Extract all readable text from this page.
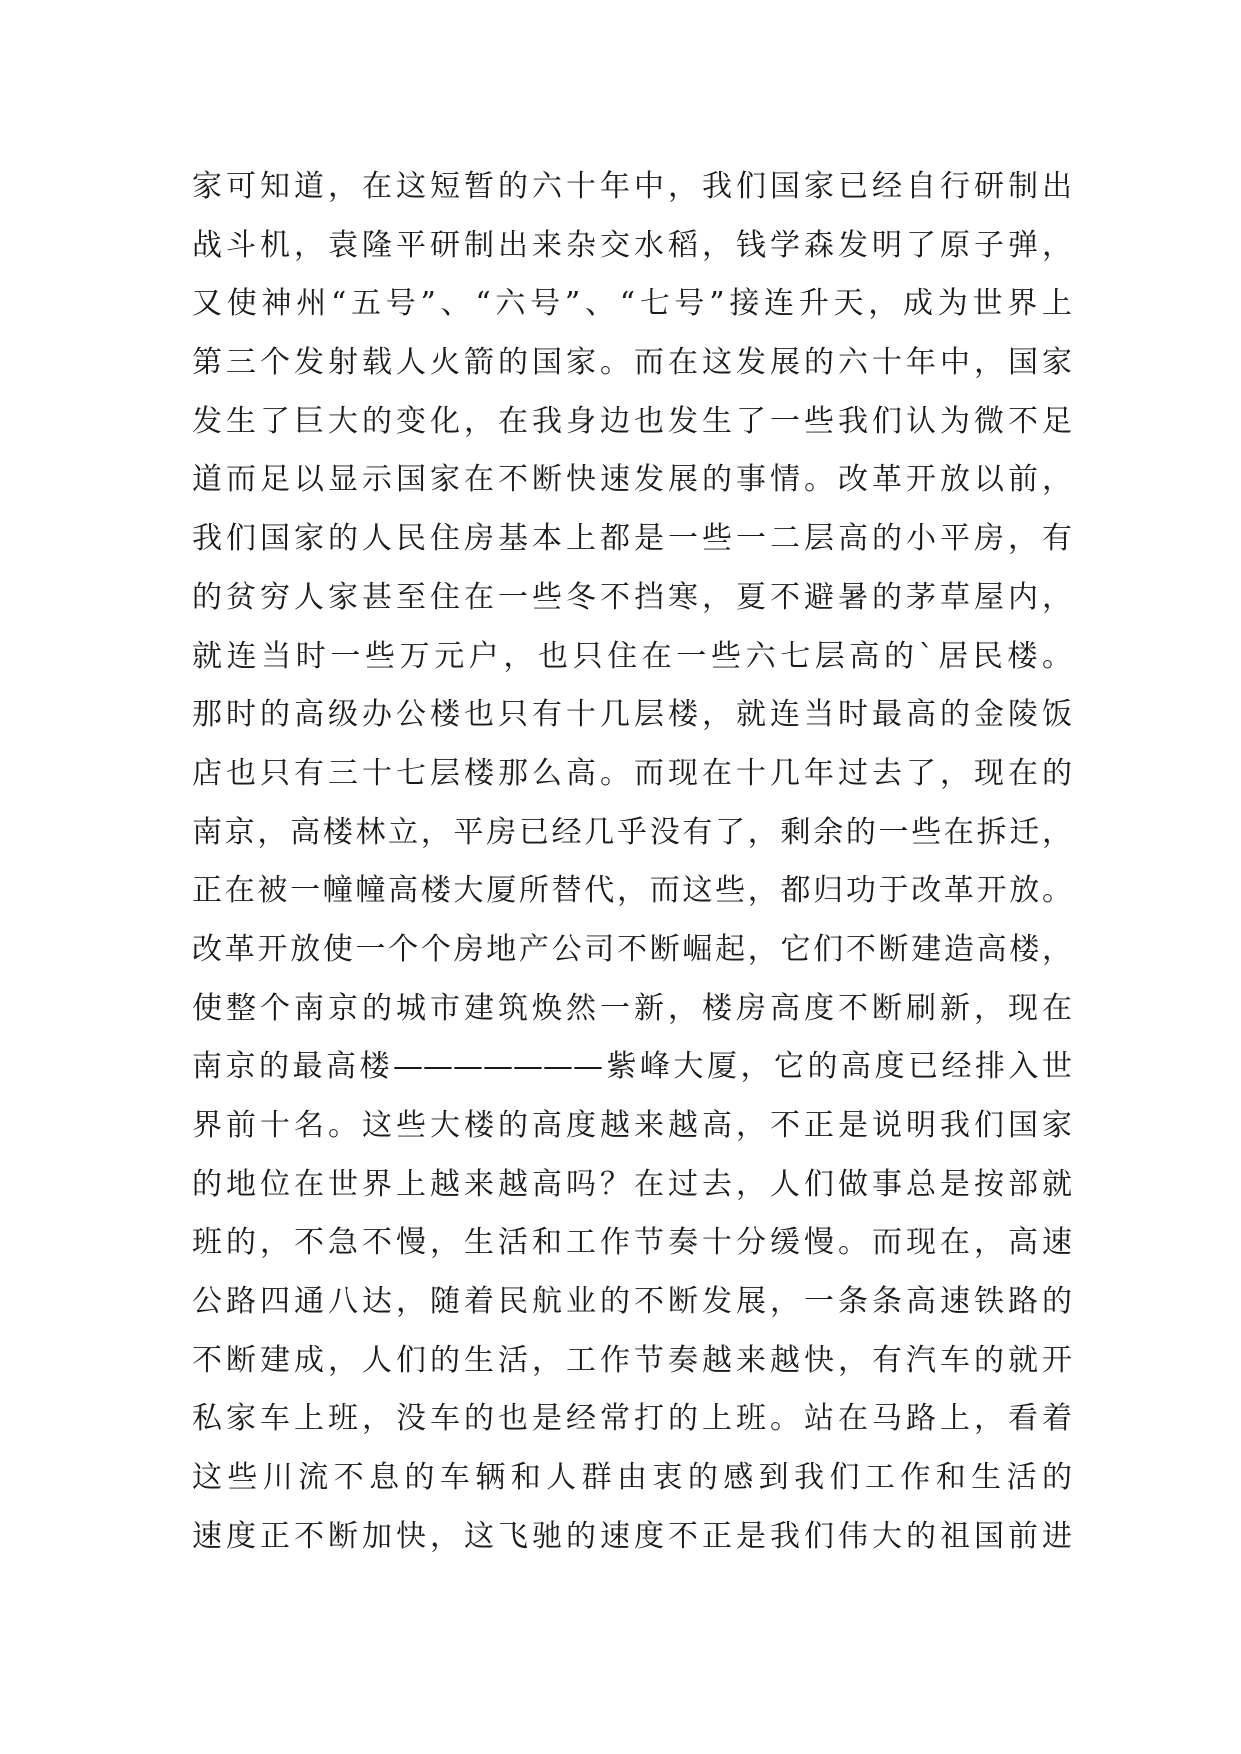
家可知道，在这短暂的六十年中，我们国家已经自行研制出
战斗机，袁隆平研制出来杂交水稻，钱学森发明了原子弹，
又使神州“五号”、“六号”、“七号”接连升天，成为世界上
第三个发射载人火箭的国家。而在这发展的六十年中，国家
发生了巨大的变化，在我身边也发生了一些我们认为微不足
道而足以显示国家在不断快速发展的事情。改革开放以前，
我们国家的人民住房基本上都是一些一二层高的小平房，有
的贫穷人家甚至住在一些冬不挡寒，夏不避暑的茅草屋内，
就连当时一些万元户，也只住在一些六七层高的`居民楼。
那时的高级办公楼也只有十几层楼，就连当时最高的金陵饭
店也只有三十七层楼那么高。而现在十几年过去了，现在的
南京，高楼林立，平房已经几乎没有了，剩余的一些在拆迁，
正在被一幢幢高楼大厦所替代，而这些，都归功于改革开放。
改革开放使一个个房地产公司不断崛起，它们不断建造高楼，
使整个南京的城市建筑焕然一新，楼房高度不断刷新，现在
南京的最高楼———————紫峰大厦，它的高度已经排入世
界前十名。这些大楼的高度越来越高，不正是说明我们国家
的地位在世界上越来越高吗？在过去，人们做事总是按部就
班的，不急不慢，生活和工作节奏十分缓慢。而现在，高速
公路四通八达，随着民航业的不断发展，一条条高速铁路的
不断建成，人们的生活，工作节奏越来越快，有汽车的就开
私家车上班，没车的也是经常打的上班。站在马路上，看着
这些川流不息的车辆和人群由衷的感到我们工作和生活的
速度正不断加快，这飞驰的速度不正是我们伟大的祖国前进
